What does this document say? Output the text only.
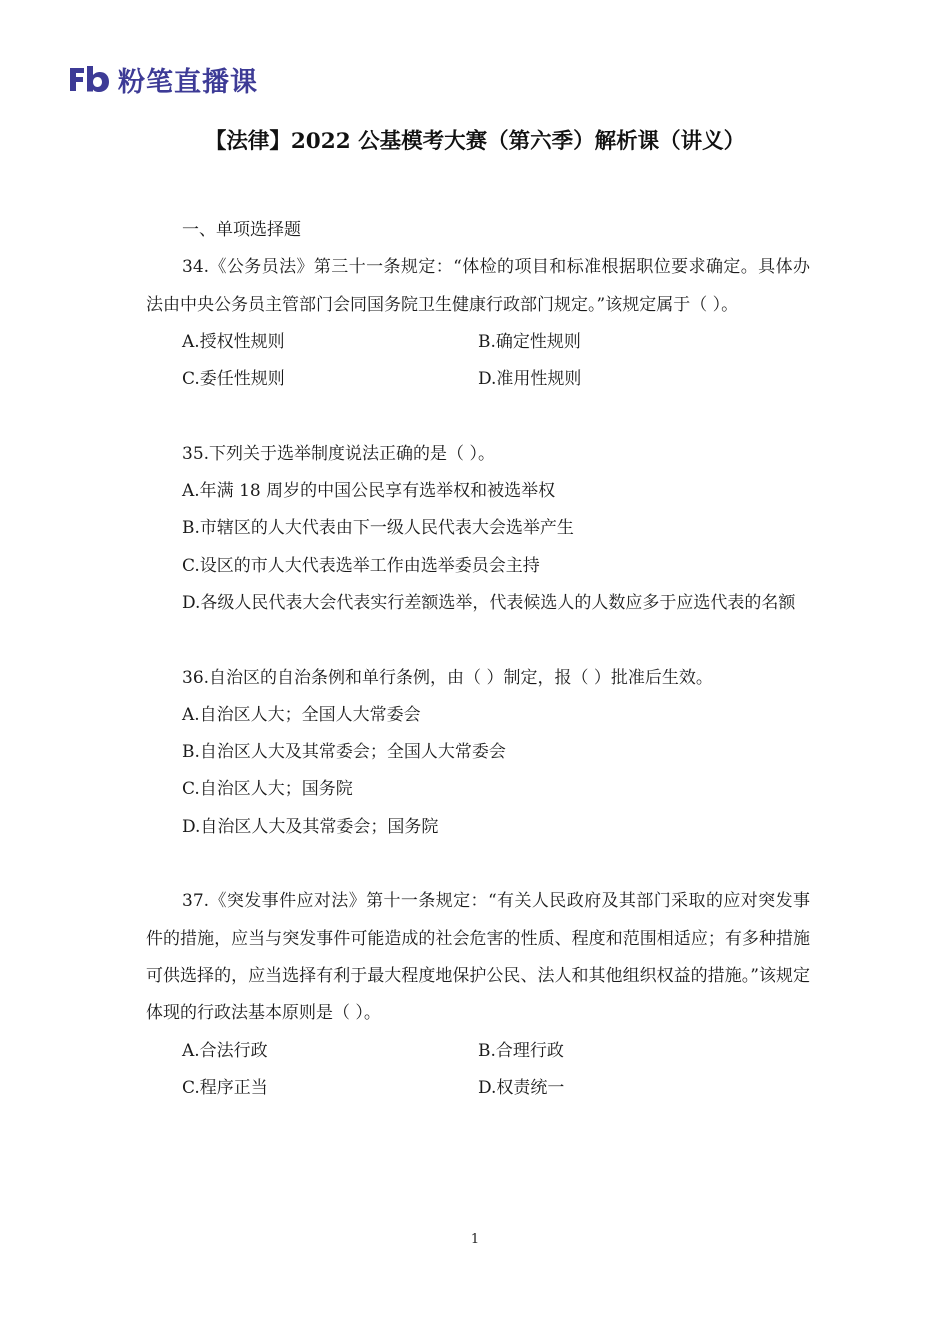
粉笔直播课
【法律】2022 公基模考大赛（第六季）解析课（讲义）
一、单项选择题
34.《公务员法》第三十一条规定：“体检的项目和标准根据职位要求确定。具体办法由中央公务员主管部门会同国务院卫生健康行政部门规定。”该规定属于（ ）。
A.授权性规则	B.确定性规则
C.委任性规则	D.准用性规则
35.下列关于选举制度说法正确的是（ ）。
A.年满 18 周岁的中国公民享有选举权和被选举权
B.市辖区的人大代表由下一级人民代表大会选举产生
C.设区的市人大代表选举工作由选举委员会主持
D.各级人民代表大会代表实行差额选举，代表候选人的人数应多于应选代表的名额
36.自治区的自治条例和单行条例，由（ ）制定，报（ ）批准后生效。
A.自治区人大；全国人大常委会
B.自治区人大及其常委会；全国人大常委会
C.自治区人大；国务院
D.自治区人大及其常委会；国务院
37.《突发事件应对法》第十一条规定：“有关人民政府及其部门采取的应对突发事件的措施，应当与突发事件可能造成的社会危害的性质、程度和范围相适应；有多种措施可供选择的，应当选择有利于最大程度地保护公民、法人和其他组织权益的措施。”该规定体现的行政法基本原则是（ ）。
A.合法行政	B.合理行政
C.程序正当	D.权责统一
1
